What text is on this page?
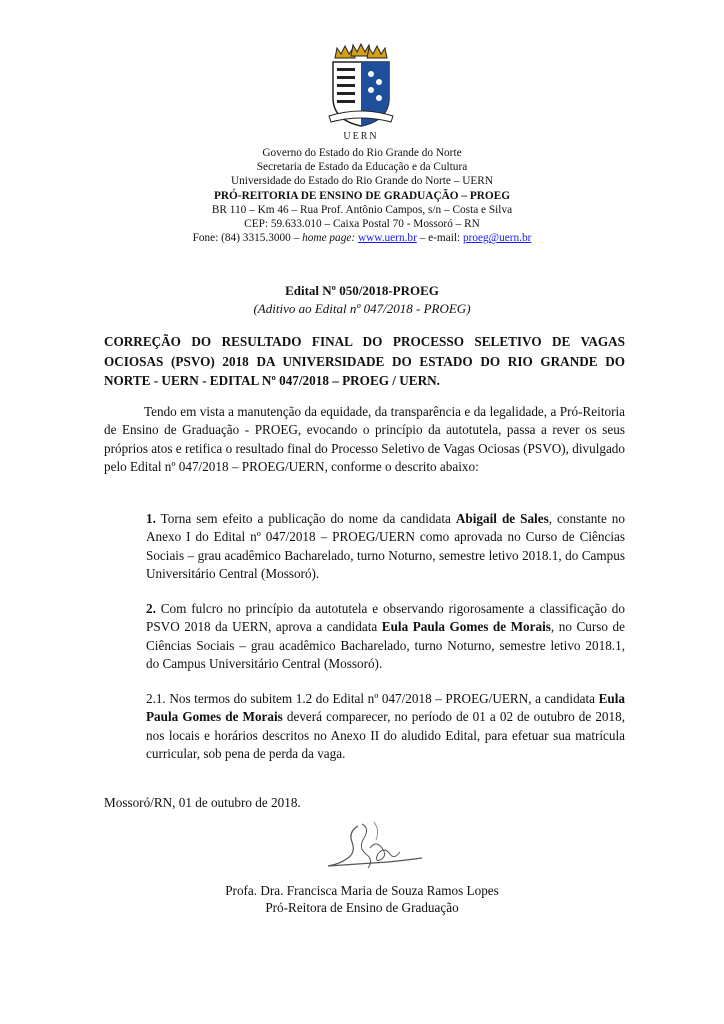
UERN
Governo do Estado do Rio Grande do Norte
Secretaria de Estado da Educação e da Cultura
Universidade do Estado do Rio Grande do Norte – UERN
PRÓ-REITORIA DE ENSINO DE GRADUAÇÃO – PROEG
BR 110 – Km 46 – Rua Prof. Antônio Campos, s/n – Costa e Silva
CEP: 59.633.010 – Caixa Postal 70 - Mossoró – RN
Fone: (84) 3315.3000 – home page: www.uern.br – e-mail: proeg@uern.br
Edital Nº 050/2018-PROEG
(Aditivo ao Edital nº 047/2018 - PROEG)
CORREÇÃO DO RESULTADO FINAL DO PROCESSO SELETIVO DE VAGAS OCIOSAS (PSVO) 2018 DA UNIVERSIDADE DO ESTADO DO RIO GRANDE DO NORTE - UERN - EDITAL Nº 047/2018 – PROEG / UERN.
Tendo em vista a manutenção da equidade, da transparência e da legalidade, a Pró-Reitoria de Ensino de Graduação - PROEG, evocando o princípio da autotutela, passa a rever os seus próprios atos e retifica o resultado final do Processo Seletivo de Vagas Ociosas (PSVO), divulgado pelo Edital nº 047/2018 – PROEG/UERN, conforme o descrito abaixo:
1. Torna sem efeito a publicação do nome da candidata Abigail de Sales, constante no Anexo I do Edital nº 047/2018 – PROEG/UERN como aprovada no Curso de Ciências Sociais – grau acadêmico Bacharelado, turno Noturno, semestre letivo 2018.1, do Campus Universitário Central (Mossoró).
2. Com fulcro no princípio da autotutela e observando rigorosamente a classificação do PSVO 2018 da UERN, aprova a candidata Eula Paula Gomes de Morais, no Curso de Ciências Sociais – grau acadêmico Bacharelado, turno Noturno, semestre letivo 2018.1, do Campus Universitário Central (Mossoró).
2.1. Nos termos do subitem 1.2 do Edital nº 047/2018 – PROEG/UERN, a candidata Eula Paula Gomes de Morais deverá comparecer, no período de 01 a 02 de outubro de 2018, nos locais e horários descritos no Anexo II do aludido Edital, para efetuar sua matrícula curricular, sob pena de perda da vaga.
Mossoró/RN, 01 de outubro de 2018.
Profa. Dra. Francisca Maria de Souza Ramos Lopes
Pró-Reitora de Ensino de Graduação
